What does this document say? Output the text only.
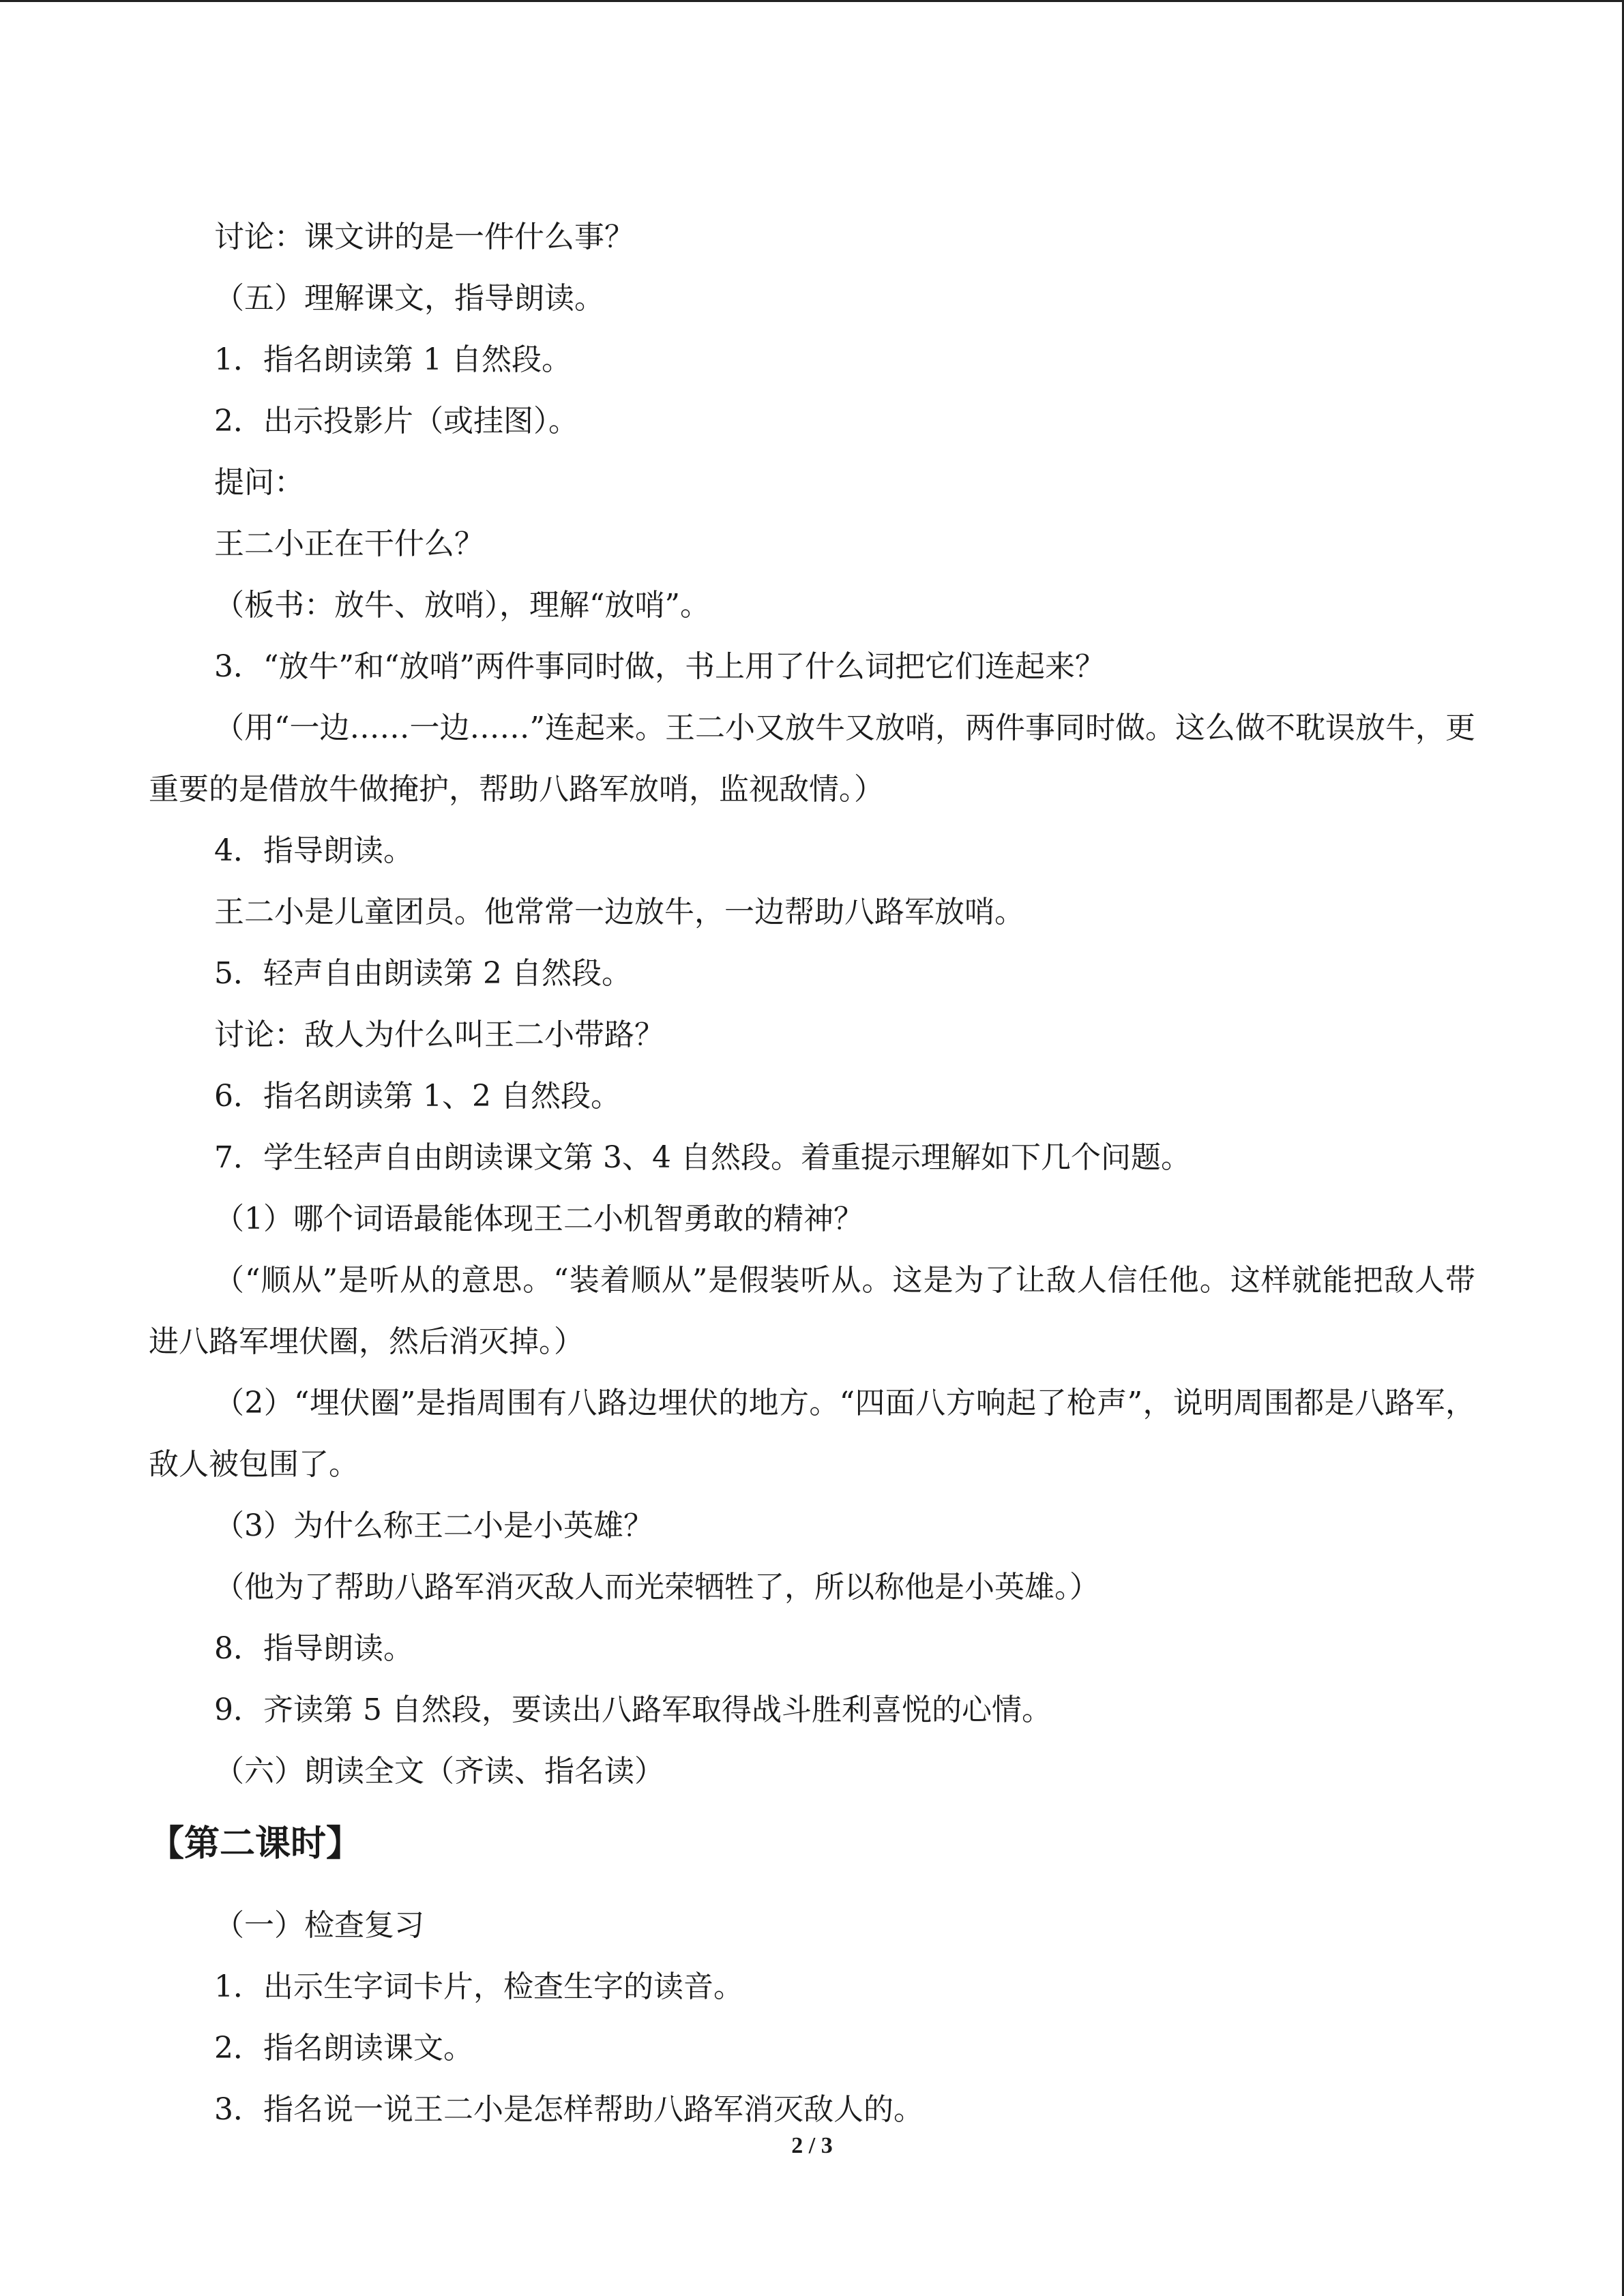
讨论：课文讲的是一件什么事？

（五）理解课文，指导朗读。

1．指名朗读第 1 自然段。

2．出示投影片（或挂图）。

提问：

王二小正在干什么？

（板书：放牛、放哨），理解“放哨”。

3．“放牛”和“放哨”两件事同时做，书上用了什么词把它们连起来？

（用“一边……一边……”连起来。王二小又放牛又放哨，两件事同时做。这么做不耽误放牛，更重要的是借放牛做掩护，帮助八路军放哨，监视敌情。）

4．指导朗读。

王二小是儿童团员。他常常一边放牛，一边帮助八路军放哨。

5．轻声自由朗读第 2 自然段。

讨论：敌人为什么叫王二小带路？

6．指名朗读第 1、2 自然段。

7．学生轻声自由朗读课文第 3、4 自然段。着重提示理解如下几个问题。

（1）哪个词语最能体现王二小机智勇敢的精神？

（“顺从”是听从的意思。“装着顺从”是假装听从。这是为了让敌人信任他。这样就能把敌人带进八路军埋伏圈，然后消灭掉。）

（2）“埋伏圈”是指周围有八路边埋伏的地方。“四面八方响起了枪声”，说明周围都是八路军，敌人被包围了。

（3）为什么称王二小是小英雄？

（他为了帮助八路军消灭敌人而光荣牺牲了，所以称他是小英雄。）

8．指导朗读。

9．齐读第 5 自然段，要读出八路军取得战斗胜利喜悦的心情。

（六）朗读全文（齐读、指名读）

【第二课时】

（一）检查复习

1．出示生字词卡片，检查生字的读音。

2．指名朗读课文。

3．指名说一说王二小是怎样帮助八路军消灭敌人的。

2 / 3
